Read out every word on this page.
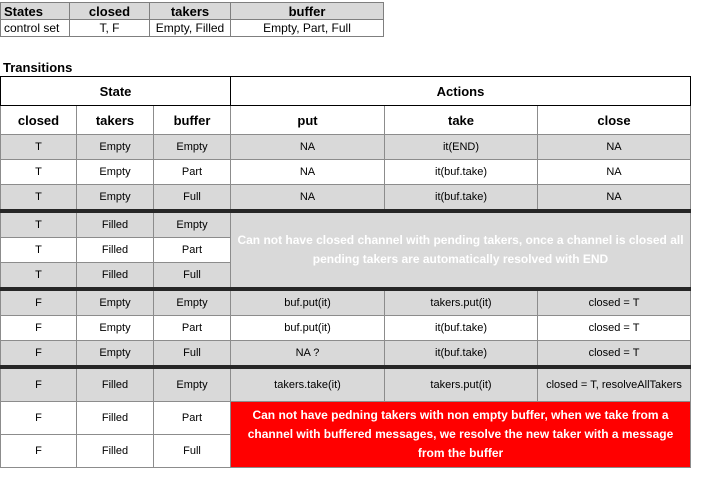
States	closed	takers	buffer
control set	T, F	Empty, Filled	Empty, Part, Full
Transitions
State			Actions		
closed	takers	buffer	put	take	close
T	Empty	Empty	NA	it(END)	NA
T	Empty	Part	NA	it(buf.take)	NA
T	Empty	Full	NA	it(buf.take)	NA
T	Filled	Empty	Can not have closed channel with pending takers, once a channel is closed all pending takers are automatically resolved with END		
T	Filled	Part			
T	Filled	Full			
F	Empty	Empty	buf.put(it)	takers.put(it)	closed = T
F	Empty	Part	buf.put(it)	it(buf.take)	closed = T
F	Empty	Full	NA ?	it(buf.take)	closed = T
F	Filled	Empty	takers.take(it)	takers.put(it)	closed = T, resolveAllTakers
F	Filled	Part	Can not have pedning takers with non empty buffer, when we take from a channel with buffered messages, we resolve the new taker with a message from the buffer		
F	Filled	Full			
